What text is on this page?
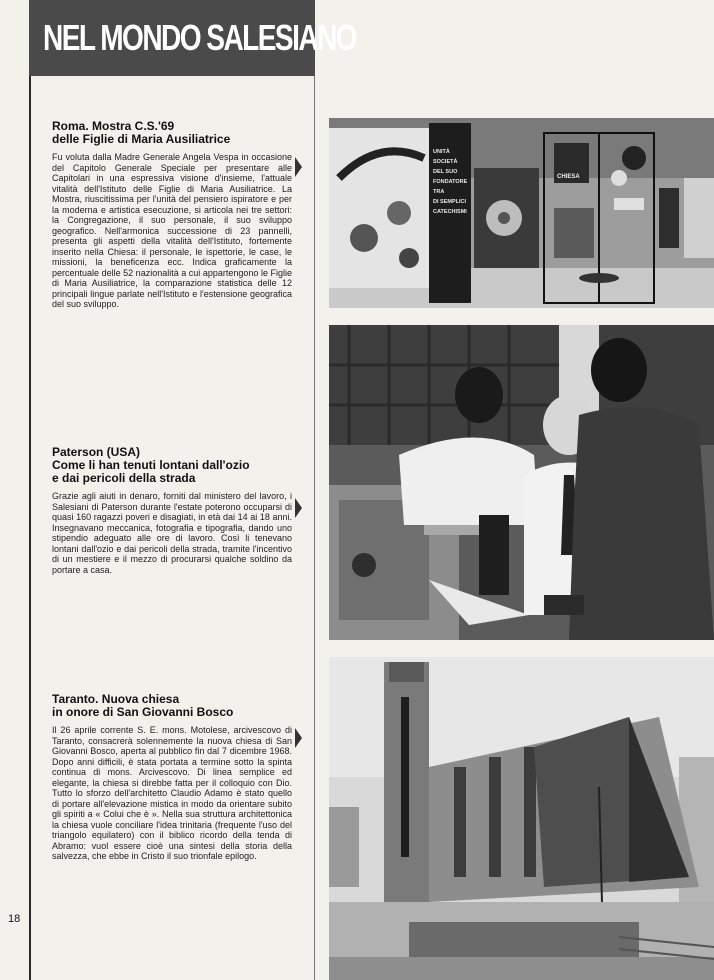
NEL MONDO SALESIANO
Roma. Mostra C.S.'69
delle Figlie di Maria Ausiliatrice

Fu voluta dalla Madre Generale Angela Vespa in occasione del Capitolo Generale Speciale per presentare alle Capitolari in una espressiva visione d'insieme, l'attuale vitalità dell'Istituto delle Figlie di Maria Ausiliatrice. La Mostra, riuscitissima per l'unità del pensiero ispiratore e per la moderna e artistica esecuzione, si articola nei tre settori: la Congregazione, il suo personale, il suo sviluppo geografico. Nell'armonica successione di 23 pannelli, presenta gli aspetti della vitalità dell'Istituto, fortemente inserito nella Chiesa: il personale, le ispettorie, le case, le missioni, la beneficenza ecc. Indica graficamente la percentuale delle 52 nazionalità a cui appartengono le Figlie di Maria Ausiliatrice, la comparazione statistica delle 12 principali lingue parlate nell'Istituto e l'estensione geografica del suo sviluppo.

Paterson (USA)
Come li han tenuti lontani dall'ozio
e dai pericoli della strada

Grazie agli aiuti in denaro, forniti dal ministero del lavoro, i Salesiani di Paterson durante l'estate poterono occuparsi di quasi 160 ragazzi poveri e disagiati, in età dai 14 ai 18 anni. Insegnavano meccanica, fotografia e tipografia, dando uno stipendio adeguato alle ore di lavoro. Così li tenevano lontani dall'ozio e dai pericoli della strada, tramite l'incentivo di un mestiere e il mezzo di procurarsi qualche soldino da portare a casa.

Taranto. Nuova chiesa
in onore di San Giovanni Bosco

Il 26 aprile corrente S. E. mons. Motolese, arcivescovo di Taranto, consacrerà solennemente la nuova chiesa di San Giovanni Bosco, aperta al pubblico fin dal 7 dicembre 1968. Dopo anni difficili, è stata portata a termine sotto la spinta continua di mons. Arcivescovo. Di linea semplice ed elegante, la chiesa si direbbe fatta per il colloquio con Dio. Tutto lo sforzo dell'architetto Claudio Adamo è stato quello di portare all'elevazione mistica in modo da orientare subito gli spiriti a « Colui che è ». Nella sua struttura architettonica la chiesa vuole conciliare l'idea trinitaria (frequente l'uso del triangolo equilatero) con il biblico ricordo della tenda di Abramo: vuol essere cioè una sintesi della storia della salvezza, che ebbe in Cristo il suo trionfale epilogo.

18
UNITÀ
SOCIETÀ
DEL SUO
FONDATORE
TRA
DI SEMPLICI
CATECHISMI
CHIESA
